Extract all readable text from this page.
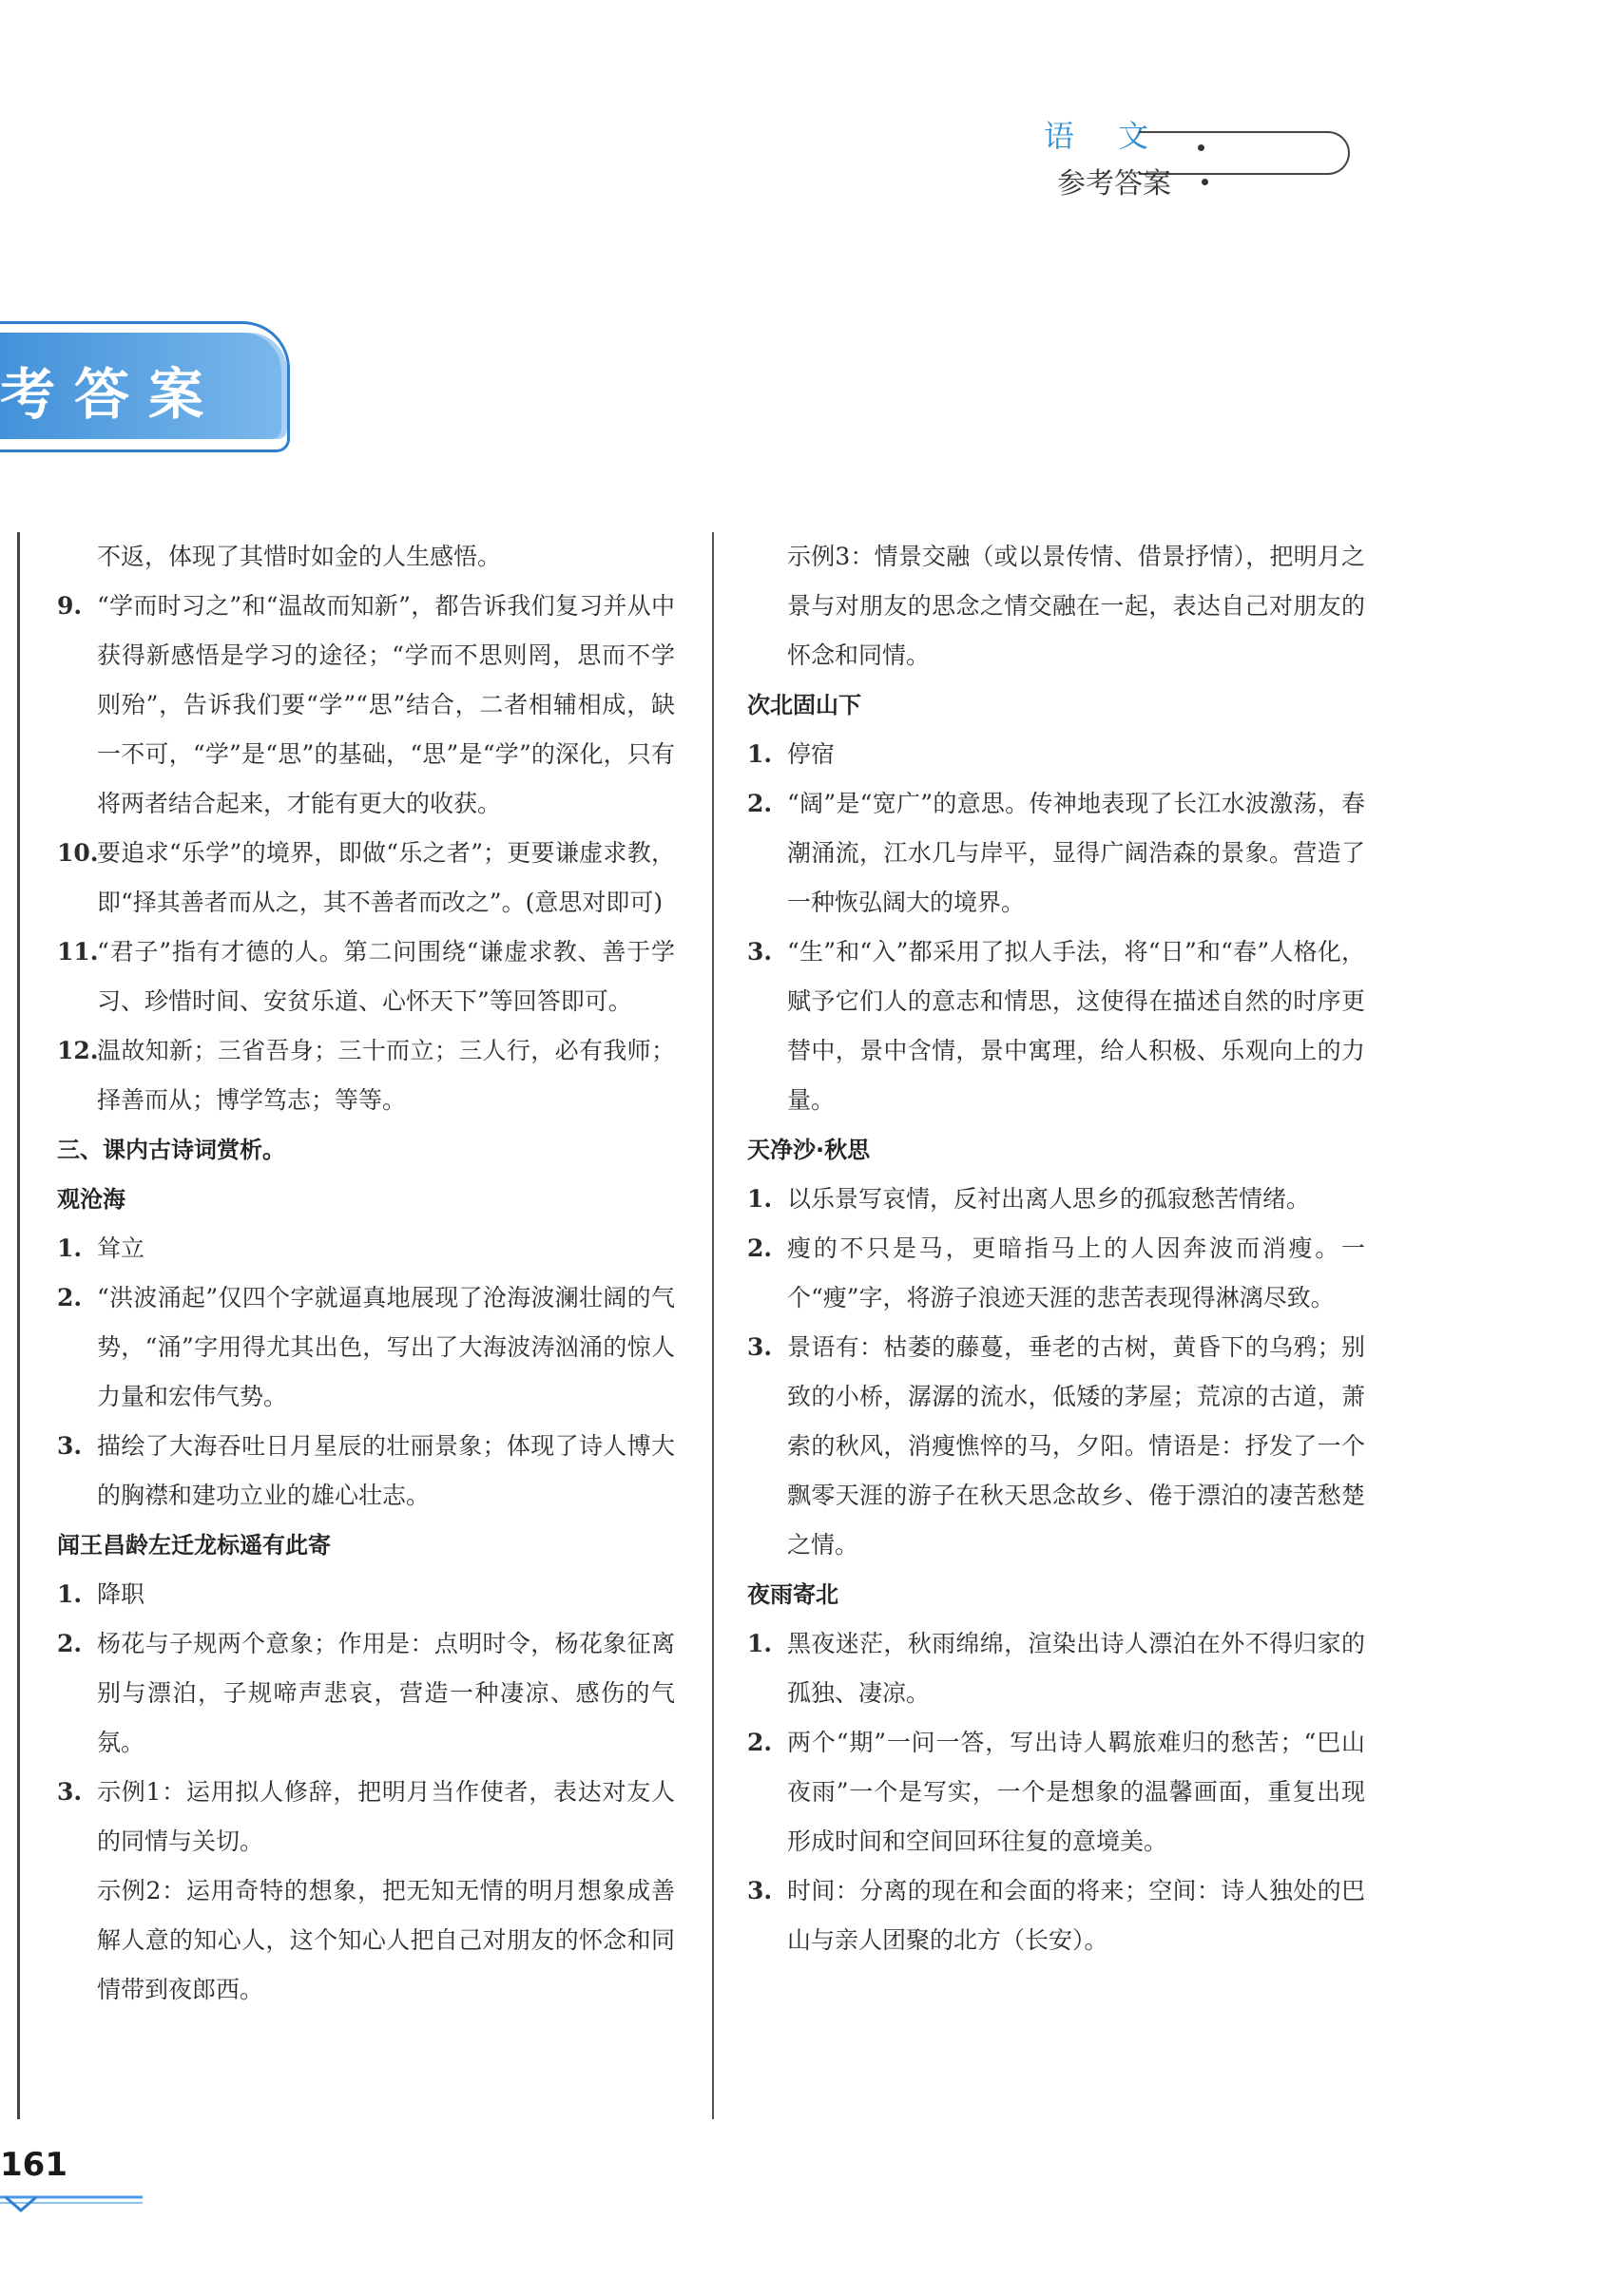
语 文
参考答案
考答案
不返，体现了其惜时如金的人生感悟。
9. “学而时习之”和“温故而知新”，都告诉我们复习并从中获得新感悟是学习的途径；“学而不思则罔，思而不学则殆”，告诉我们要“学”“思”结合，二者相辅相成，缺一不可，“学”是“思”的基础，“思”是“学”的深化，只有将两者结合起来，才能有更大的收获。
10.
要追求“乐学”的境界，即做“乐之者”；更要谦虚求教，即“择其善者而从之，其不善者而改之”。(意思对即可)
11.
“君子”指有才德的人。第二问围绕“谦虚求教、善于学习、珍惜时间、安贫乐道、心怀天下”等回答即可。
12.
温故知新；三省吾身；三十而立；三人行，必有我师；择善而从；博学笃志；等等。
三、课内古诗词赏析。
观沧海
1. 耸立
2. “洪波涌起”仅四个字就逼真地展现了沧海波澜壮阔的气势，“涌”字用得尤其出色，写出了大海波涛汹涌的惊人力量和宏伟气势。
3. 描绘了大海吞吐日月星辰的壮丽景象；体现了诗人博大的胸襟和建功立业的雄心壮志。
闻王昌龄左迁龙标遥有此寄
1. 降职
2. 杨花与子规两个意象；作用是：点明时令，杨花象征离别与漂泊，子规啼声悲哀，营造一种凄凉、感伤的气氛。
3. 示例1：运用拟人修辞，把明月当作使者，表达对友人的同情与关切。
示例2：运用奇特的想象，把无知无情的明月想象成善解人意的知心人，这个知心人把自己对朋友的怀念和同情带到夜郎西。
示例3：情景交融（或以景传情、借景抒情），把明月之景与对朋友的思念之情交融在一起，表达自己对朋友的怀念和同情。
次北固山下
1. 停宿
2. “阔”是“宽广”的意思。传神地表现了长江水波激荡，春潮涌流，江水几与岸平，显得广阔浩森的景象。营造了一种恢弘阔大的境界。
3. “生”和“入”都采用了拟人手法，将“日”和“春”人格化，赋予它们人的意志和情思，这使得在描述自然的时序更替中，景中含情，景中寓理，给人积极、乐观向上的力量。
天净沙·秋思
1. 以乐景写哀情，反衬出离人思乡的孤寂愁苦情绪。
2. 瘦的不只是马，更暗指马上的人因奔波而消瘦。一个“瘦”字，将游子浪迹天涯的悲苦表现得淋漓尽致。
3. 景语有：枯萎的藤蔓，垂老的古树，黄昏下的乌鸦；别致的小桥，潺潺的流水，低矮的茅屋；荒凉的古道，萧索的秋风，消瘦憔悴的马，夕阳。情语是：抒发了一个飘零天涯的游子在秋天思念故乡、倦于漂泊的凄苦愁楚之情。
夜雨寄北
1. 黑夜迷茫，秋雨绵绵，渲染出诗人漂泊在外不得归家的孤独、凄凉。
2. 两个“期”一问一答，写出诗人羁旅难归的愁苦；“巴山夜雨”一个是写实，一个是想象的温馨画面，重复出现形成时间和空间回环往复的意境美。
3. 时间：分离的现在和会面的将来；空间：诗人独处的巴山与亲人团聚的北方（长安）。
161
